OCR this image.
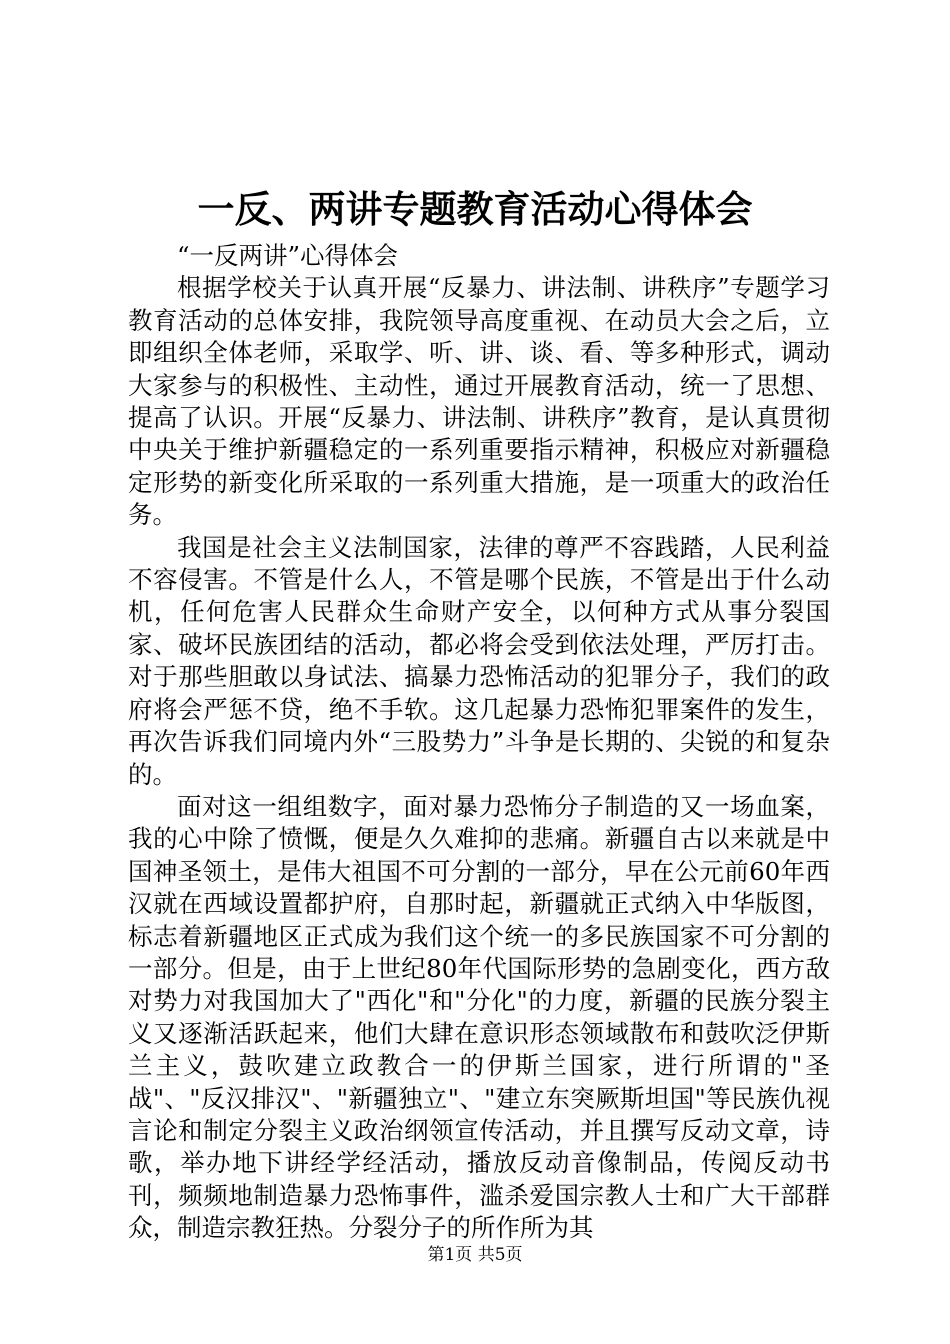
一反、两讲专题教育活动心得体会

“一反两讲”心得体会

根据学校关于认真开展“反暴力、讲法制、讲秩序”专题学习教育活动的总体安排，我院领导高度重视、在动员大会之后，立即组织全体老师，采取学、听、讲、谈、看、等多种形式，调动大家参与的积极性、主动性，通过开展教育活动，统一了思想、提高了认识。开展“反暴力、讲法制、讲秩序”教育，是认真贯彻中央关于维护新疆稳定的一系列重要指示精神，积极应对新疆稳定形势的新变化所采取的一系列重大措施，是一项重大的政治任务。

我国是社会主义法制国家，法律的尊严不容践踏，人民利益不容侵害。不管是什么人，不管是哪个民族，不管是出于什么动机，任何危害人民群众生命财产安全，以何种方式从事分裂国家、破坏民族团结的活动，都必将会受到依法处理，严厉打击。对于那些胆敢以身试法、搞暴力恐怖活动的犯罪分子，我们的政府将会严惩不贷，绝不手软。这几起暴力恐怖犯罪案件的发生，再次告诉我们同境内外“三股势力”斗争是长期的、尖锐的和复杂的。

面对这一组组数字，面对暴力恐怖分子制造的又一场血案，我的心中除了愤慨，便是久久难抑的悲痛。新疆自古以来就是中国神圣领土，是伟大祖国不可分割的一部分，早在公元前60年西汉就在西域设置都护府，自那时起，新疆就正式纳入中华版图，标志着新疆地区正式成为我们这个统一的多民族国家不可分割的一部分。但是，由于上世纪80年代国际形势的急剧变化，西方敌对势力对我国加大了"西化"和"分化"的力度，新疆的民族分裂主义又逐渐活跃起来，他们大肆在意识形态领域散布和鼓吹泛伊斯兰主义，鼓吹建立政教合一的伊斯兰国家，进行所谓的"圣战"、"反汉排汉"、"新疆独立"、"建立东突厥斯坦国"等民族仇视言论和制定分裂主义政治纲领宣传活动，并且撰写反动文章，诗歌，举办地下讲经学经活动，播放反动音像制品，传阅反动书刊，频频地制造暴力恐怖事件，滥杀爱国宗教人士和广大干部群众，制造宗教狂热。分裂分子的所作所为其

第1页 共5页
